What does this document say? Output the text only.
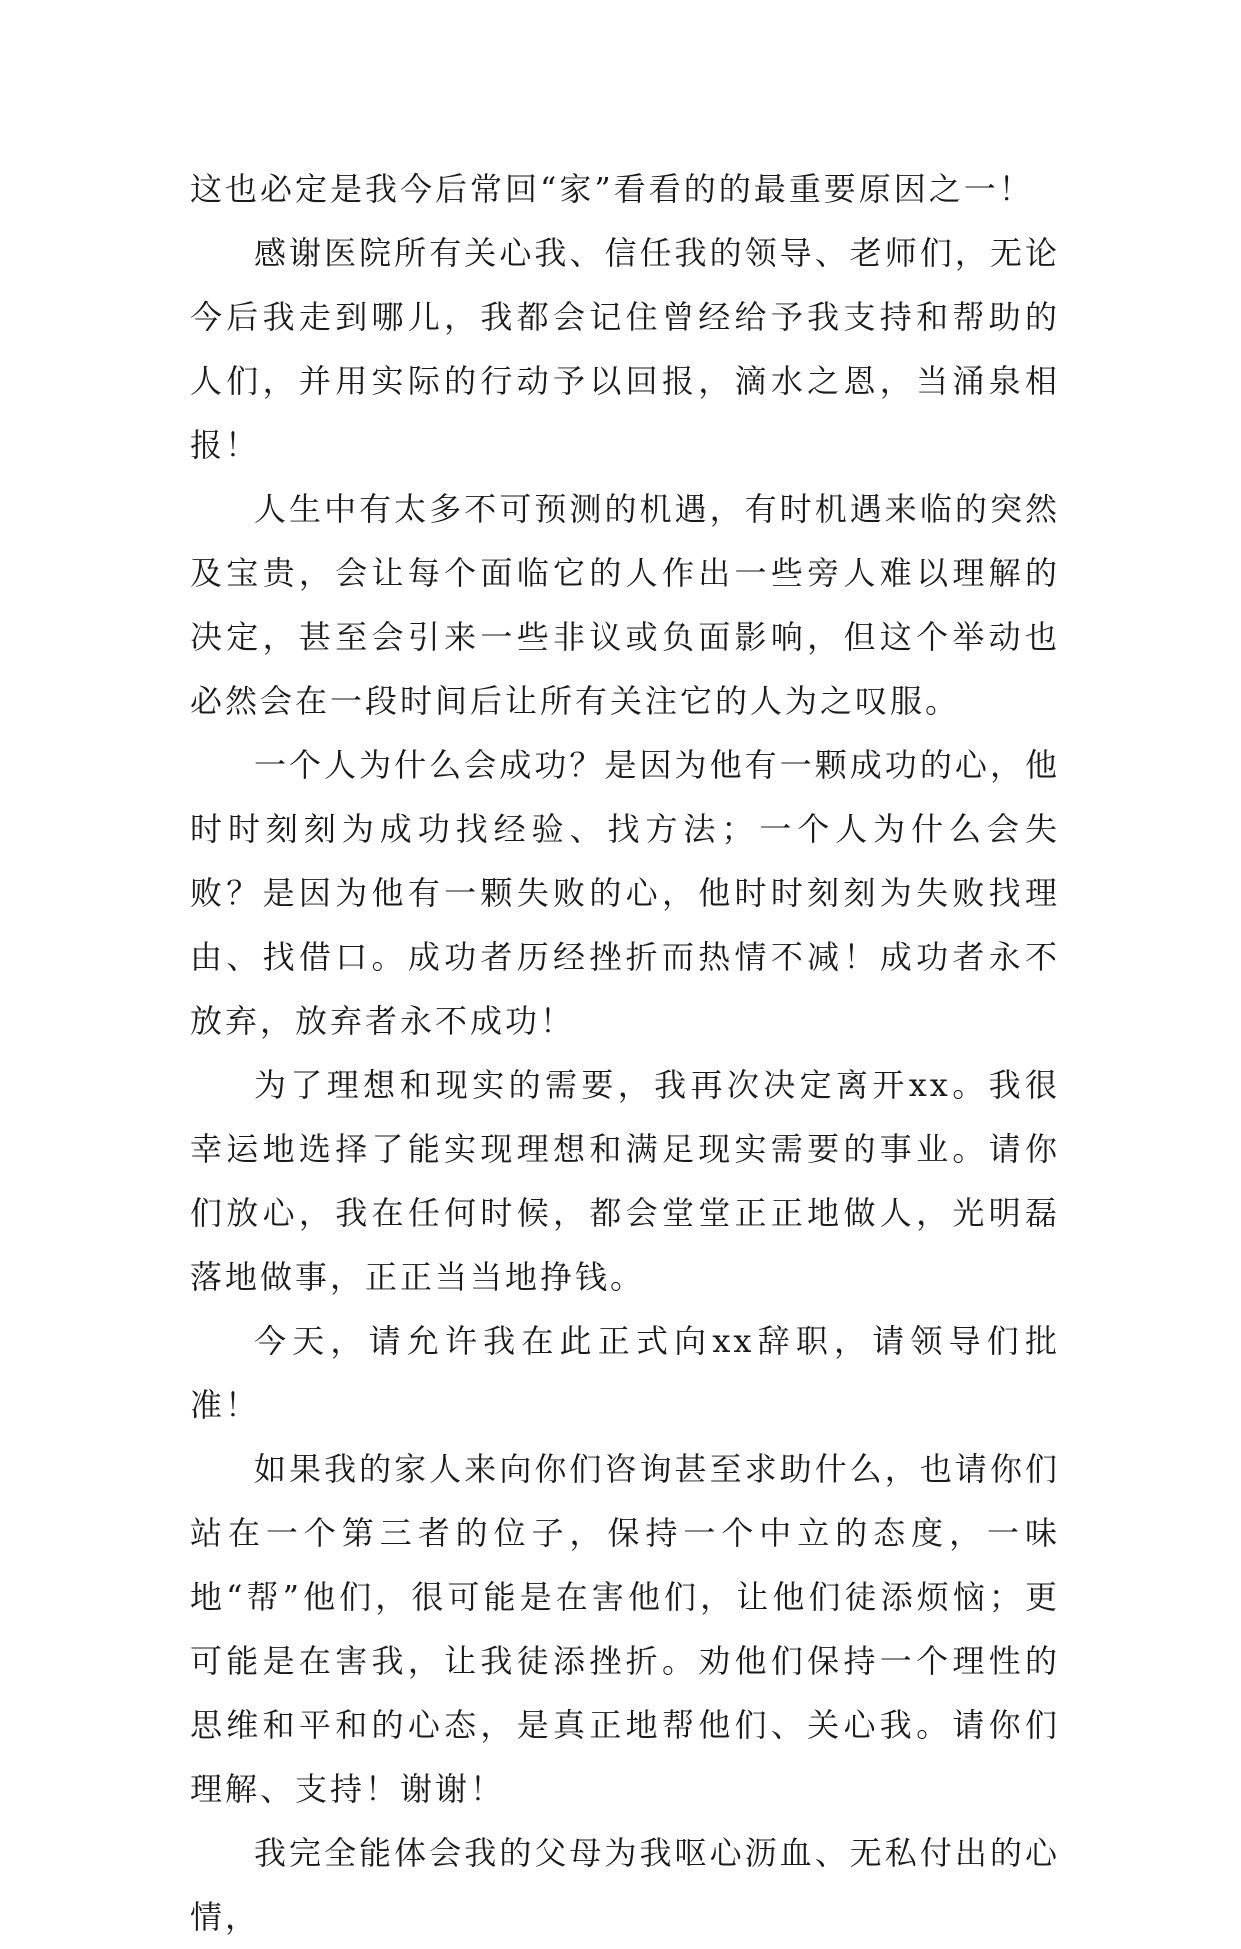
这也必定是我今后常回“家”看看的的最重要原因之一！

感谢医院所有关心我、信任我的领导、老师们，无论今后我走到哪儿，我都会记住曾经给予我支持和帮助的人们，并用实际的行动予以回报，滴水之恩，当涌泉相报！

人生中有太多不可预测的机遇，有时机遇来临的突然及宝贵，会让每个面临它的人作出一些旁人难以理解的决定，甚至会引来一些非议或负面影响，但这个举动也必然会在一段时间后让所有关注它的人为之叹服。

一个人为什么会成功？是因为他有一颗成功的心，他时时刻刻为成功找经验、找方法；一个人为什么会失败？是因为他有一颗失败的心，他时时刻刻为失败找理由、找借口。成功者历经挫折而热情不减！成功者永不放弃，放弃者永不成功！

为了理想和现实的需要，我再次决定离开xx。我很幸运地选择了能实现理想和满足现实需要的事业。请你们放心，我在任何时候，都会堂堂正正地做人，光明磊落地做事，正正当当地挣钱。

今天，请允许我在此正式向xx辞职，请领导们批准！

如果我的家人来向你们咨询甚至求助什么，也请你们站在一个第三者的位子，保持一个中立的态度，一味地“帮”他们，很可能是在害他们，让他们徒添烦恼；更可能是在害我，让我徒添挫折。劝他们保持一个理性的思维和平和的心态，是真正地帮他们、关心我。请你们理解、支持！谢谢！

我完全能体会我的父母为我呕心沥血、无私付出的心情，
